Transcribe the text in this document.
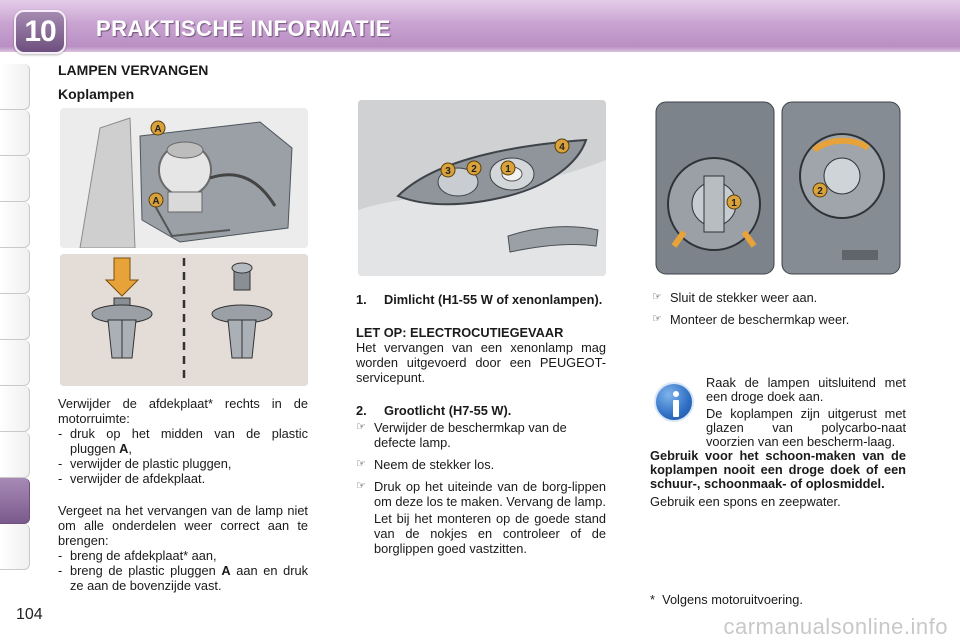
10	PRAKTISCHE INFORMATIE
LAMPEN VERVANGEN
Koplampen
A
A
3 2	1
4
1
2

Verwijder de afdekplaat* rechts in de motorruimte:

- druk op het midden van de plastic pluggen A,
- verwijder de plastic pluggen,
- verwijder de afdekplaat.

Vergeet na het vervangen van de lamp niet om alle onderdelen weer correct aan te brengen:

- breng de afdekplaat* aan,
- breng de plastic pluggen A aan en druk ze aan de bovenzijde vast.
1.	Dimlicht (H1-55 W of xenonlampen).

LET OP: ELECTROCUTIEGEVAAR

Het vervangen van een xenonlamp mag worden uitgevoerd door een PEUGEOT-servicepunt.

2.	Grootlicht (H7-55 W).
☞ Verwijder de beschermkap van de defecte lamp.
☞ Neem de stekker los.
☞ Druk op het uiteinde van de borg-lippen om deze los te maken. Vervang de lamp.

Let bij het monteren op de goede stand van de nokjes en controleer of de borglippen goed vastzitten.

☞ Sluit de stekker weer aan.
☞ Monteer de beschermkap weer.

Raak de lampen uitsluitend met een droge doek aan.

De koplampen zijn uitgerust met glazen van polycarbo-naat voorzien van een bescherm-laag.

Gebruik voor het schoon-maken van de koplampen nooit een droge doek of een schuur-, schoonmaak- of oplosmiddel.

Gebruik een spons en zeepwater.

* Volgens motoruitvoering.
104	carmanualsonline.info
